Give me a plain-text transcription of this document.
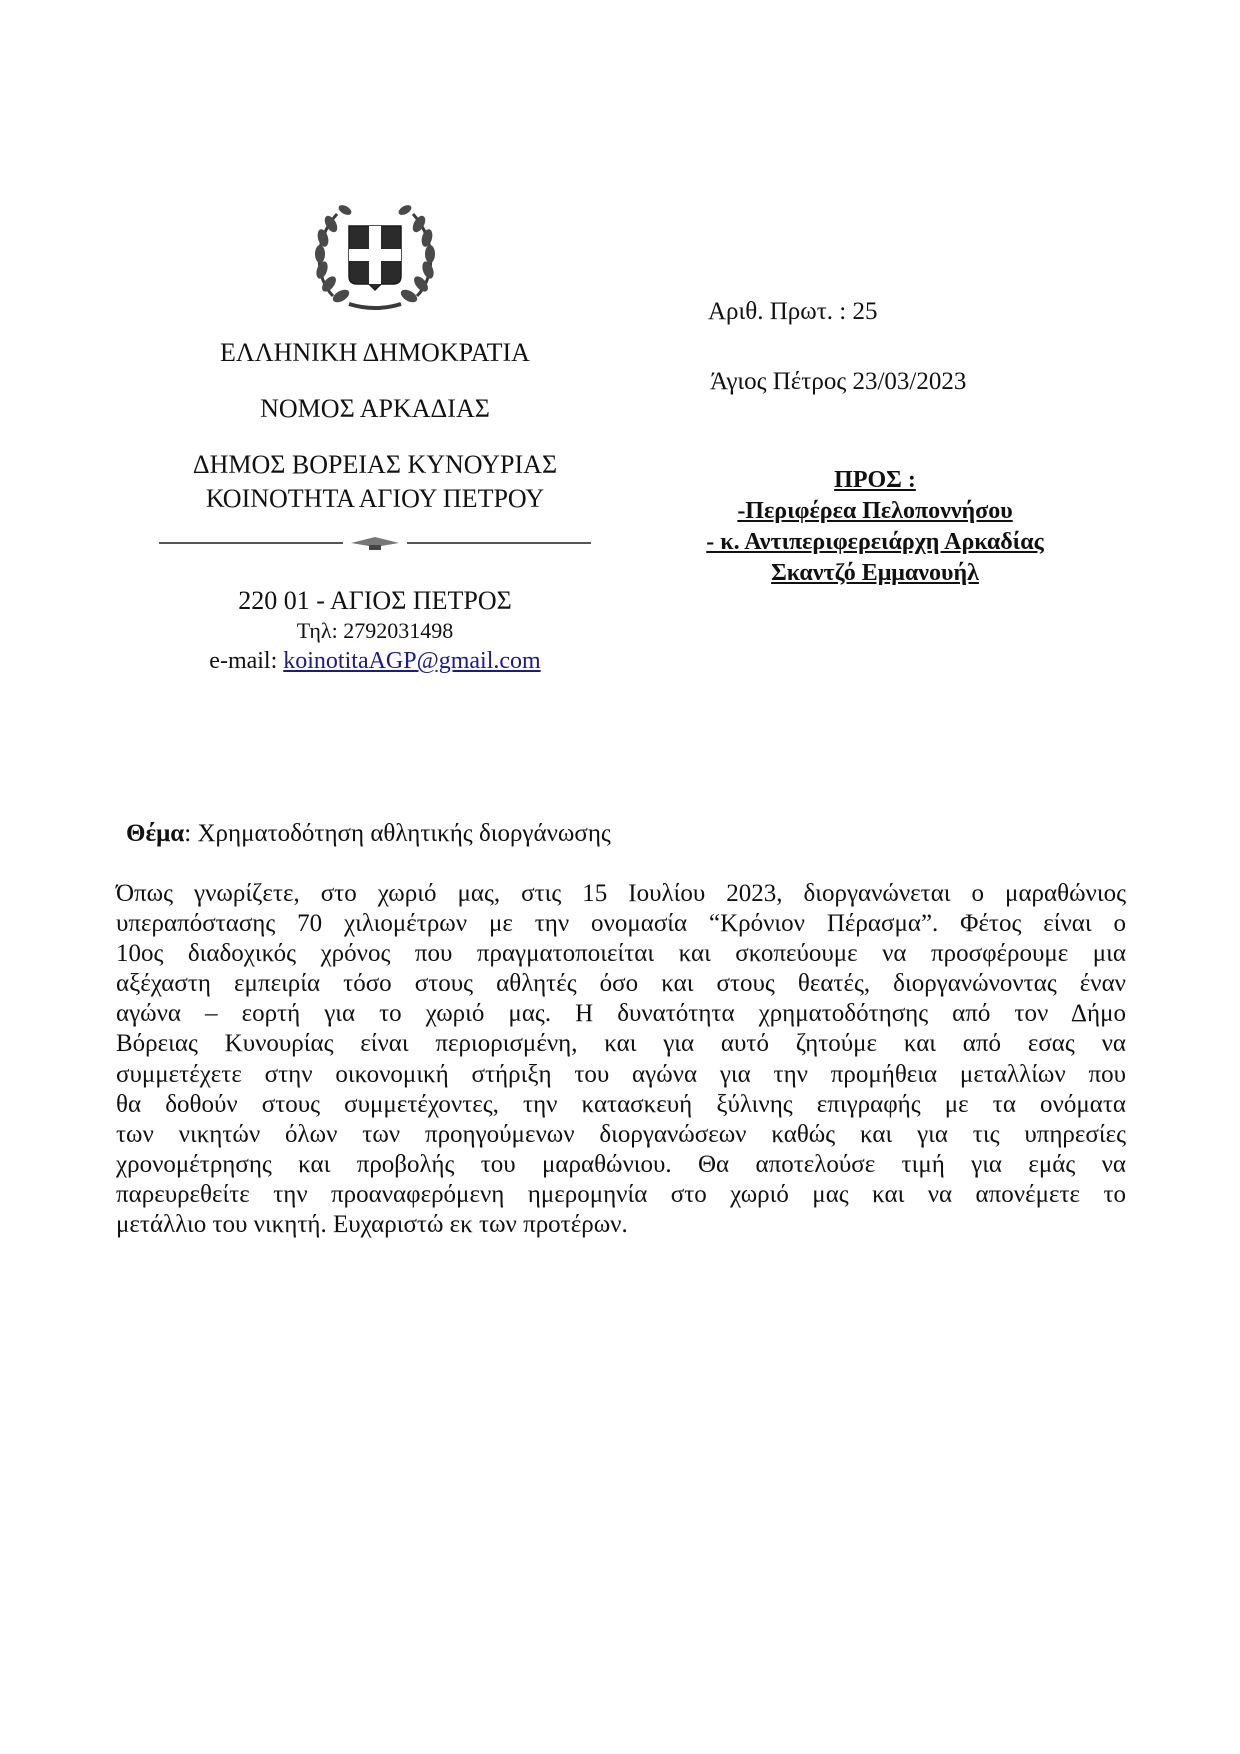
ΕΛΛΗΝΙΚΗ ΔΗΜΟΚΡΑΤΙΑ

ΝΟΜΟΣ ΑΡΚΑΔΙΑΣ

ΔΗΜΟΣ ΒΟΡΕΙΑΣ ΚΥΝΟΥΡΙΑΣ

ΚΟΙΝΟΤΗΤΑ ΑΓΙΟΥ ΠΕΤΡΟΥ

220 01 - ΑΓΙΟΣ ΠΕΤΡΟΣ

Τηλ: 2792031498

e-mail: koinotitaAGP@gmail.com

Αριθ. Πρωτ. : 25

Άγιος Πέτρος 23/03/2023

ΠΡΟΣ :

-Περιφέρεα Πελοποννήσου

- κ. Αντιπεριφερειάρχη Αρκαδίας

Σκαντζό Εμμανουήλ

Θέμα: Χρηματοδότηση αθλητικής διοργάνωσης

Όπως γνωρίζετε, στο χωριό μας, στις 15 Ιουλίου 2023, διοργανώνεται ο μαραθώνιος

υπεραπόστασης 70 χιλιομέτρων με την ονομασία “Κρόνιον Πέρασμα”. Φέτος είναι ο

10ος διαδοχικός χρόνος που πραγματοποιείται και σκοπεύουμε να προσφέρουμε μια

αξέχαστη εμπειρία τόσο στους αθλητές όσο και στους θεατές, διοργανώνοντας έναν

αγώνα – εορτή για το χωριό μας. Η δυνατότητα χρηματοδότησης από τον Δήμο

Βόρειας Κυνουρίας είναι περιορισμένη, και για αυτό ζητούμε και από εσας να

συμμετέχετε στην οικονομική στήριξη του αγώνα για την προμήθεια μεταλλίων που

θα δοθούν στους συμμετέχοντες, την κατασκευή ξύλινης επιγραφής με τα ονόματα

των νικητών όλων των προηγούμενων διοργανώσεων καθώς και για τις υπηρεσίες

χρονομέτρησης και προβολής του μαραθώνιου. Θα αποτελούσε τιμή για εμάς να

παρευρεθείτε την προαναφερόμενη ημερομηνία στο χωριό μας και να απονέμετε το

μετάλλιο του νικητή. Ευχαριστώ εκ των προτέρων.
